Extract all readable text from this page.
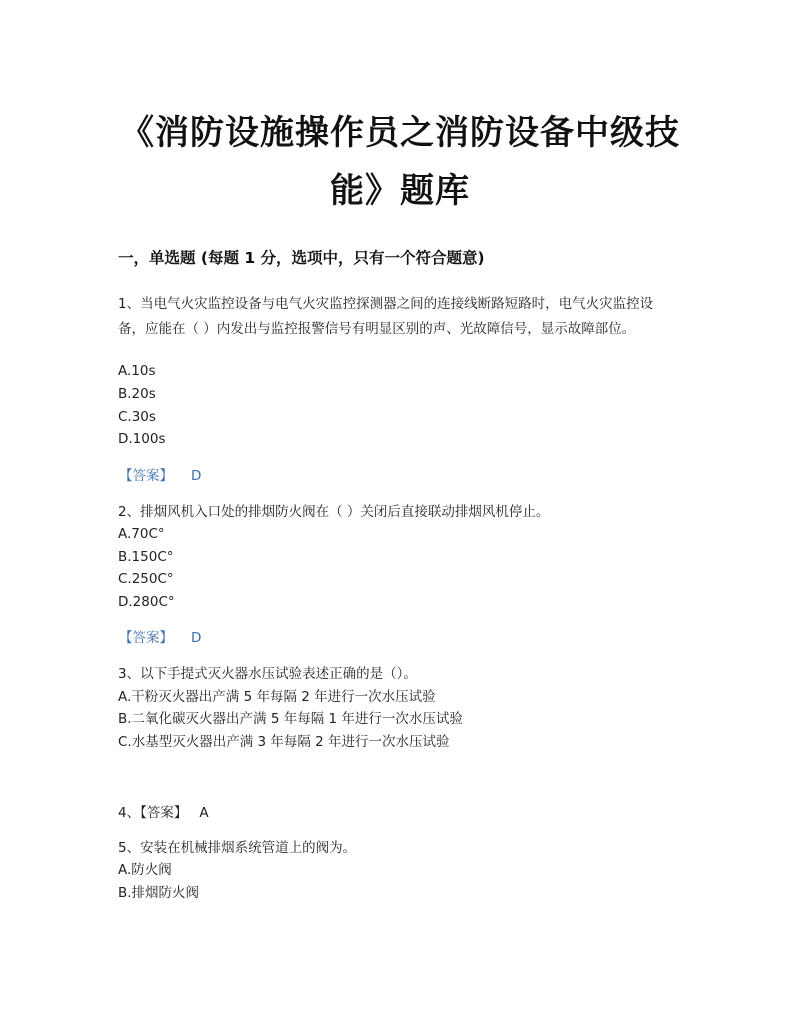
《消防设施操作员之消防设备中级技
能》题库
一，单选题 (每题 1 分，选项中，只有一个符合题意)

1、当电气火灾监控设备与电气火灾监控探测器之间的连接线断路短路时，电气火灾监控设备，应能在（ ）内发出与监控报警信号有明显区别的声、光故障信号，显示故障部位。

A.10s

B.20s

C.30s

D.100s

【答案】 D

2、排烟风机入口处的排烟防火阀在（ ）关闭后直接联动排烟风机停止。

A.70C°

B.150C°

C.250C°

D.280C°

【答案】 D

3、以下手提式灭火器水压试验表述正确的是（）。

A.干粉灭火器出产满 5 年每隔 2 年进行一次水压试验

B.二氧化碳灭火器出产满 5 年每隔 1 年进行一次水压试验

C.水基型灭火器出产满 3 年每隔 2 年进行一次水压试验

4、【答案】 A

5、安装在机械排烟系统管道上的阀为。

A.防火阀

B.排烟防火阀
